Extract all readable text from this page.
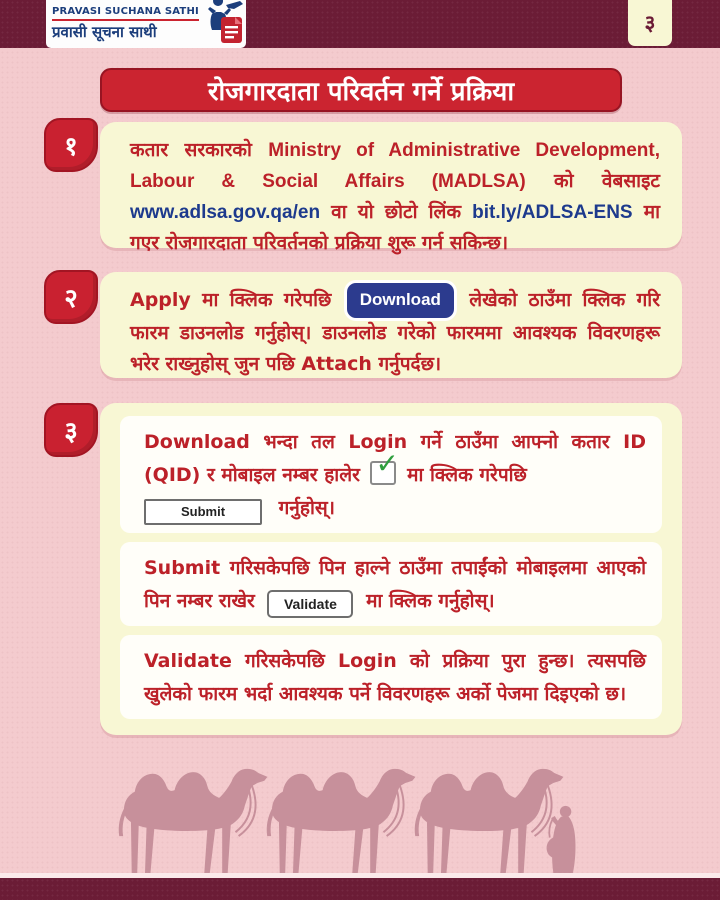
PRAVASI SUCHANA SATHI
प्रवासी सूचना साथी	३
रोजगारदाता परिवर्तन गर्ने प्रक्रिया
१	कतार सरकारको Ministry of Administrative Development, Labour & Social Affairs (MADLSA) को वेबसाइट www.adlsa.gov.qa/en वा यो छोटो लिंक bit.ly/ADLSA-ENS मा गएर रोजगारदाता परिवर्तनको प्रक्रिया शुरू गर्न सकिन्छ।

२	Apply मा क्लिक गरेपछि Download लेखेको ठाउँमा क्लिक गरि फारम डाउनलोड गर्नुहोस्। डाउनलोड गरेको फारममा आवश्यक विवरणहरू भरेर राख्नुहोस् जुन पछि Attach गर्नुपर्दछ।

३	Download भन्दा तल Login गर्ने ठाउँमा आफ्नो कतार ID (QID) र मोबाइल नम्बर हालेर ✓ मा क्लिक गरेपछि
Submit गर्नुहोस्।
Submit गरिसकेपछि पिन हाल्ने ठाउँमा तपाईंको मोबाइलमा आएको पिन नम्बर राखेर Validate मा क्लिक गर्नुहोस्।
Validate गरिसकेपछि Login को प्रक्रिया पुरा हुन्छ। त्यसपछि खुलेको फारम भर्दा आवश्यक पर्ने विवरणहरू अर्को पेजमा दिइएको छ।
